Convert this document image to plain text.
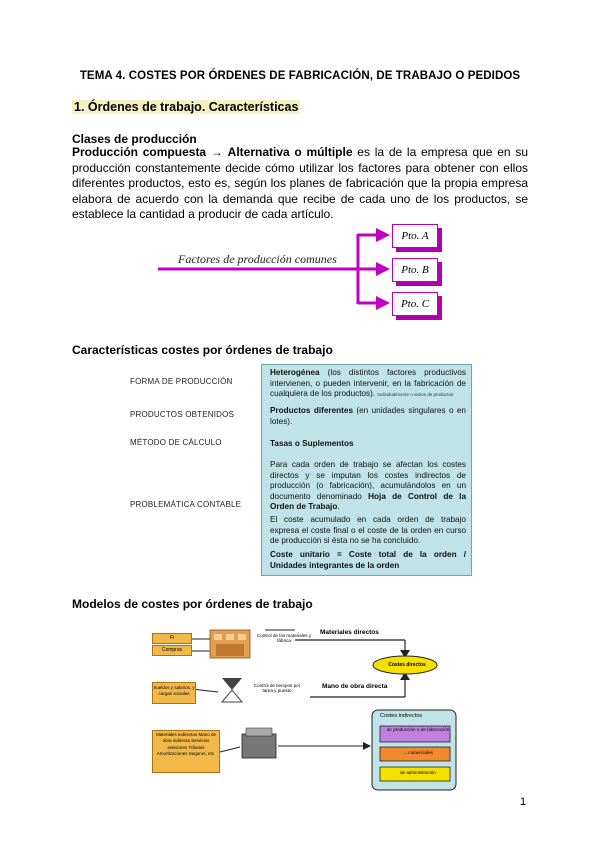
TEMA 4. COSTES POR ÓRDENES DE FABRICACIÓN, DE TRABAJO O PEDIDOS
1. Órdenes de trabajo. Características
Clases de producción
Producción compuesta → Alternativa o múltiple es la de la empresa que en su producción constantemente decide cómo utilizar los factores para obtener con ellos diferentes productos, esto es, según los planes de fabricación que la propia empresa elabora de acuerdo con la demanda que recibe de cada uno de los productos, se establece la cantidad a producir de cada artículo.
Factores de producción comunes
Pto. A
Pto. B
Pto. C
Características costes por órdenes de trabajo
FORMA DE PRODUCCIÓN
PRODUCTOS OBTENIDOS
MÉTODO DE CÁLCULO
PROBLEMÁTICA CONTABLE
Heterogénea (los distintos factores productivos intervienen, o pueden intervenir, en la fabricación de cualquiera de los productos). Individualmente o varios de productos
Productos diferentes (en unidades singulares o en lotes).
Tasas o Suplementos
Para cada orden de trabajo se afectan los costes directos y se imputan los costes indirectos de producción (o fabricación), acumulándolos en un documento denominado Hoja de Control de la Orden de Trabajo.
El coste acumulado en cada orden de trabajo expresa el coste final o el coste de la orden en curso de producción si ésta no se ha concluido.
Coste unitario = Coste total de la orden / Unidades integrantes de la orden
Modelos de costes por órdenes de trabajo
Fi
Compras
Control de los materiales y fábrica
Materiales directos
Costes directos
Sueldos y salarios, y cargas sociales
Control de tiempos por tarea y puesto
Mano de obra directa
Materiales indirectos Mano de obra indirecta Servicios exteriores Tributos Amortizaciones Seguros, etc.
Costes indirectos
de producción o de fabricación
... comerciales
de administración
1
